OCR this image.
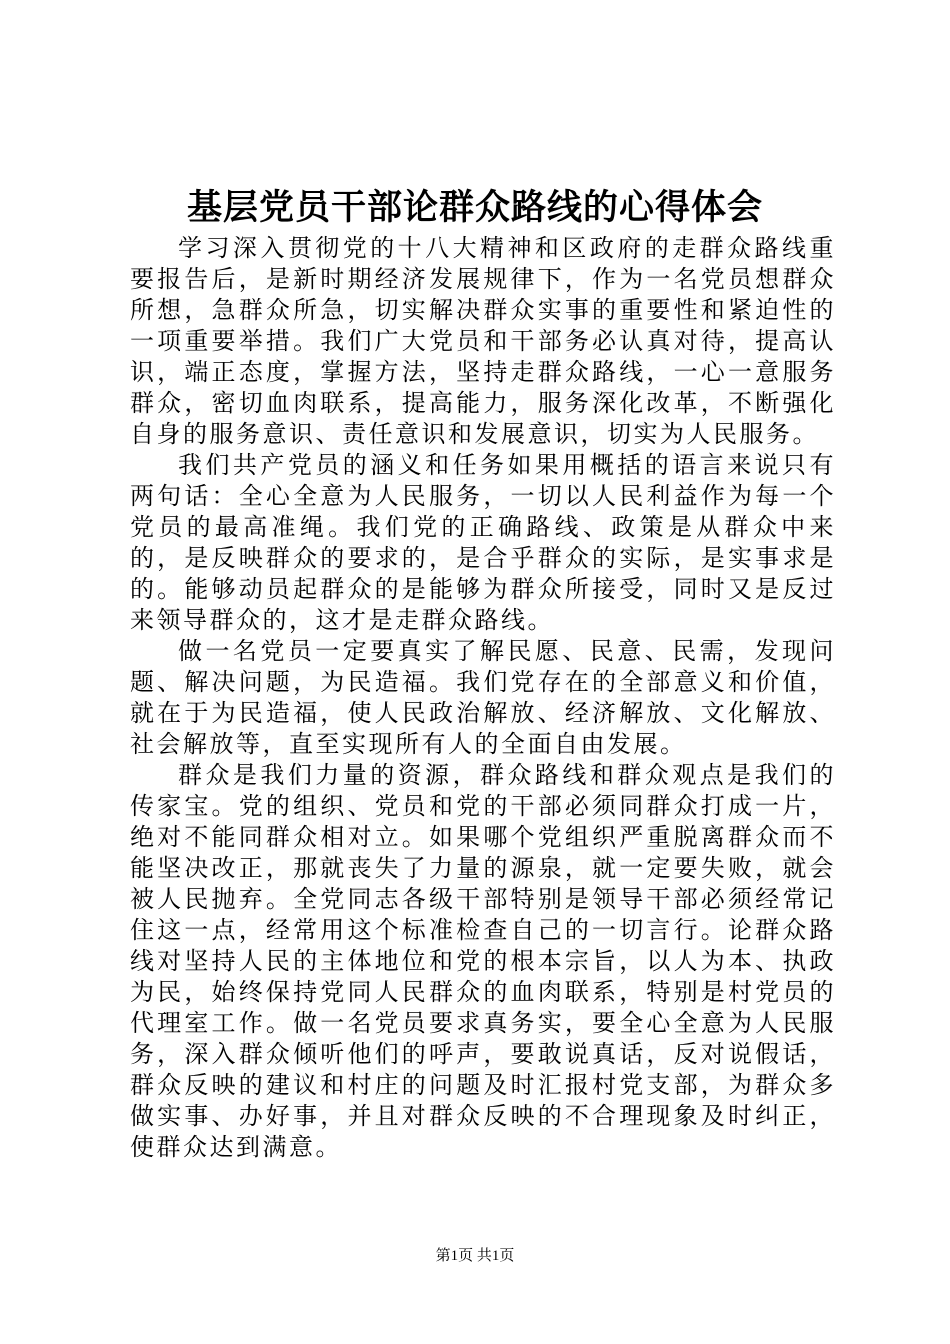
基层党员干部论群众路线的心得体会

学习深入贯彻党的十八大精神和区政府的走群众路线重要报告后，是新时期经济发展规律下，作为一名党员想群众所想，急群众所急，切实解决群众实事的重要性和紧迫性的一项重要举措。我们广大党员和干部务必认真对待，提高认识，端正态度，掌握方法，坚持走群众路线，一心一意服务群众，密切血肉联系，提高能力，服务深化改革，不断强化自身的服务意识、责任意识和发展意识，切实为人民服务。

我们共产党员的涵义和任务如果用概括的语言来说只有两句话：全心全意为人民服务，一切以人民利益作为每一个党员的最高准绳。我们党的正确路线、政策是从群众中来的，是反映群众的要求的，是合乎群众的实际，是实事求是的。能够动员起群众的是能够为群众所接受，同时又是反过来领导群众的，这才是走群众路线。

做一名党员一定要真实了解民愿、民意、民需，发现问题、解决问题，为民造福。我们党存在的全部意义和价值，就在于为民造福，使人民政治解放、经济解放、文化解放、社会解放等，直至实现所有人的全面自由发展。

群众是我们力量的资源，群众路线和群众观点是我们的传家宝。党的组织、党员和党的干部必须同群众打成一片，绝对不能同群众相对立。如果哪个党组织严重脱离群众而不能坚决改正，那就丧失了力量的源泉，就一定要失败，就会被人民抛弃。全党同志各级干部特别是领导干部必须经常记住这一点，经常用这个标准检查自己的一切言行。论群众路线对坚持人民的主体地位和党的根本宗旨，以人为本、执政为民，始终保持党同人民群众的血肉联系，特别是村党员的代理室工作。做一名党员要求真务实，要全心全意为人民服务，深入群众倾听他们的呼声，要敢说真话，反对说假话，群众反映的建议和村庄的问题及时汇报村党支部，为群众多做实事、办好事，并且对群众反映的不合理现象及时纠正，使群众达到满意。

第1页 共1页
